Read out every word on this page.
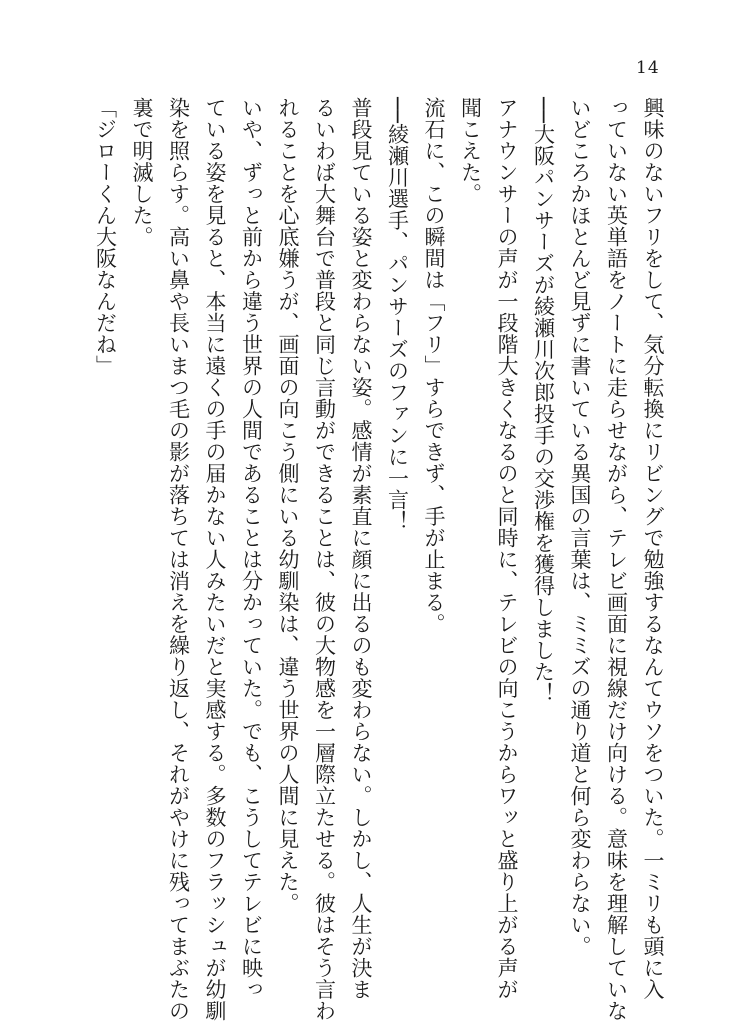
14

興味のないフリをして、気分転換にリビングで勉強するなんてウソをついた。一ミリも頭に入

っていない英単語をノートに走らせながら、テレビ画面に視線だけ向ける。意味を理解していな

いどころかほとんど見ずに書いている異国の言葉は、ミミズの通り道と何ら変わらない。

──大阪パンサーズが綾瀬川次郎投手の交渉権を獲得しました！

アナウンサーの声が一段階大きくなるのと同時に、テレビの向こうからワッと盛り上がる声が

聞こえた。

流石に、この瞬間は「フリ」すらできず、手が止まる。

──綾瀬川選手、パンサーズのファンに一言！

普段見ている姿と変わらない姿。感情が素直に顔に出るのも変わらない。しかし、人生が決ま

るいわば大舞台で普段と同じ言動ができることは、彼の大物感を一層際立たせる。彼はそう言わ

れることを心底嫌うが、画面の向こう側にいる幼馴染は、違う世界の人間に見えた。

いや、ずっと前から違う世界の人間であることは分かっていた。でも、こうしてテレビに映っ

ている姿を見ると、本当に遠くの手の届かない人みたいだと実感する。多数のフラッシュが幼馴

染を照らす。高い鼻や長いまつ毛の影が落ちては消えを繰り返し、それがやけに残ってまぶたの

裏で明滅した。

「ジローくん大阪なんだね」
